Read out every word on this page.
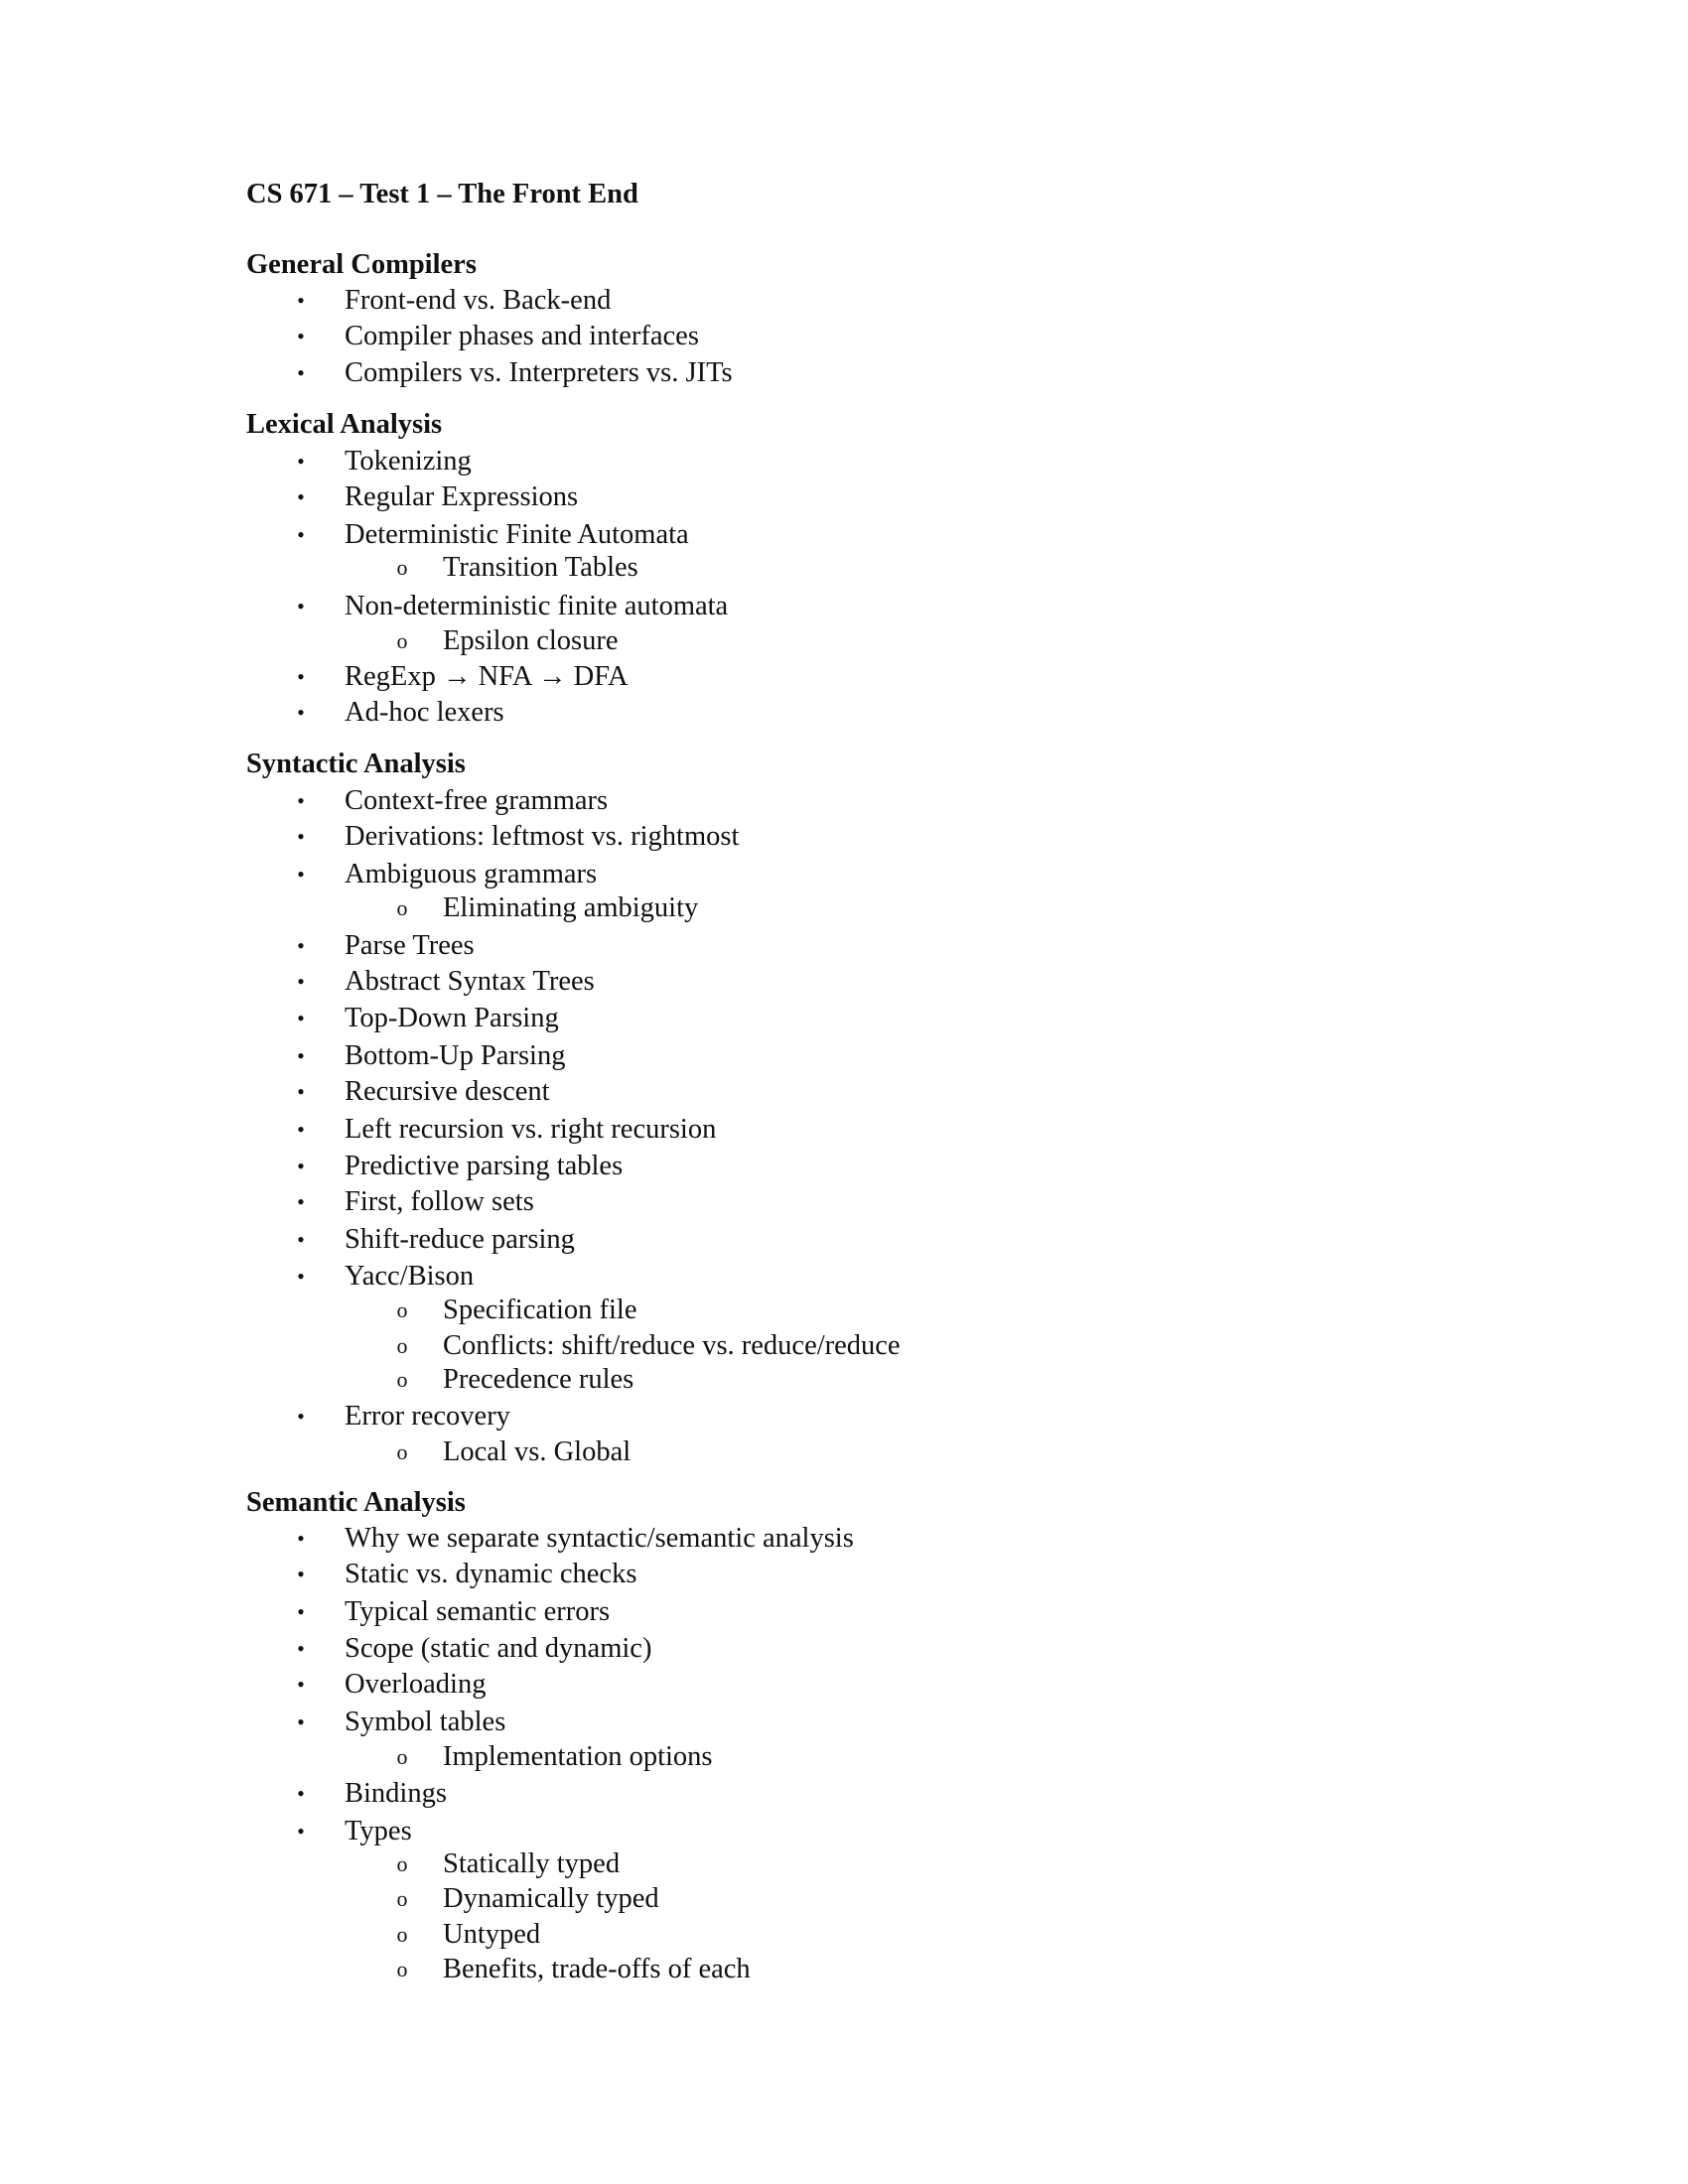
CS 671 – Test 1 – The Front End
General Compilers
• Front-end vs. Back-end
• Compiler phases and interfaces
• Compilers vs. Interpreters vs. JITs
Lexical Analysis
• Tokenizing
• Regular Expressions
• Deterministic Finite Automata
o Transition Tables
• Non-deterministic finite automata
o Epsilon closure
• RegExp → NFA → DFA
• Ad-hoc lexers
Syntactic Analysis
• Context-free grammars
• Derivations: leftmost vs. rightmost
• Ambiguous grammars
o Eliminating ambiguity
• Parse Trees
• Abstract Syntax Trees
• Top-Down Parsing
• Bottom-Up Parsing
• Recursive descent
• Left recursion vs. right recursion
• Predictive parsing tables
• First, follow sets
• Shift-reduce parsing
• Yacc/Bison
o Specification file
o Conflicts: shift/reduce vs. reduce/reduce
o Precedence rules
• Error recovery
o Local vs. Global
Semantic Analysis
• Why we separate syntactic/semantic analysis
• Static vs. dynamic checks
• Typical semantic errors
• Scope (static and dynamic)
• Overloading
• Symbol tables
o Implementation options
• Bindings
• Types
o Statically typed
o Dynamically typed
o Untyped
o Benefits, trade-offs of each
